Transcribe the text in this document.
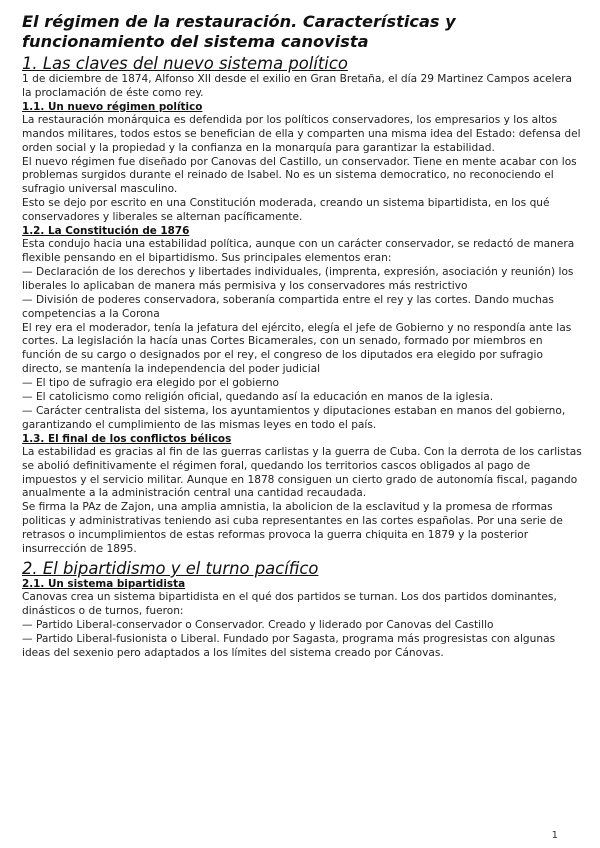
El régimen de la restauración. Características y funcionamiento del sistema canovista
1. Las claves del nuevo sistema político

1 de diciembre de 1874, Alfonso XII desde el exilio en Gran Bretaña, el día 29 Martinez Campos acelera la proclamación de éste como rey.

1.1. Un nuevo régimen político

La restauración monárquica es defendida por los políticos conservadores, los empresarios y los altos mandos militares, todos estos se benefician de ella y comparten una misma idea del Estado: defensa del orden social y la propiedad y la confianza en la monarquía para garantizar la estabilidad.

El nuevo régimen fue diseñado por Canovas del Castillo, un conservador. Tiene en mente acabar con los problemas surgidos durante el reinado de Isabel. No es un sistema democratico, no reconociendo el sufragio universal masculino.

Esto se dejo por escrito en una Constitución moderada, creando un sistema bipartidista, en los qué conservadores y liberales se alternan pacíficamente.

1.2. La Constitución de 1876

Esta condujo hacia una estabilidad política, aunque con un carácter conservador, se redactó de manera flexible pensando en el bipartidismo. Sus principales elementos eran:

— Declaración de los derechos y libertades individuales, (imprenta, expresión, asociación y reunión) los liberales lo aplicaban de manera más permisiva y los conservadores más restrictivo

— División de poderes conservadora, soberanía compartida entre el rey y las cortes. Dando muchas competencias a la Corona

El rey era el moderador, tenía la jefatura del ejército, elegía el jefe de Gobierno y no respondía ante las cortes. La legislación la hacía unas Cortes Bicamerales, con un senado, formado por miembros en función de su cargo o designados por el rey, el congreso de los diputados era elegido por sufragio directo, se mantenía la independencia del poder judicial

— El tipo de sufragio era elegido por el gobierno

— El catolicismo como religión oficial, quedando así la educación en manos de la iglesia.

— Carácter centralista del sistema, los ayuntamientos y diputaciones estaban en manos del gobierno, garantizando el cumplimiento de las mismas leyes en todo el país.

1.3. El final de los conflictos bélicos

La estabilidad es gracias al fin de las guerras carlistas y la guerra de Cuba. Con la derrota de los carlistas se abolió definitivamente el régimen foral, quedando los territorios cascos obligados al pago de impuestos y el servicio militar. Aunque en 1878 consiguen un cierto grado de autonomía fiscal, pagando anualmente a la administración central una cantidad recaudada.

Se firma la PAz de Zajon, una amplia amnistia, la abolicion de la esclavitud y la promesa de rformas politicas y administrativas teniendo asi cuba representantes en las cortes españolas. Por una serie de retrasos o incumplimientos de estas reformas provoca la guerra chiquita en 1879 y la posterior insurrección de 1895.

2. El bipartidismo y el turno pacífico
2.1. Un sistema bipartidista

Canovas crea un sistema bipartidista en el qué dos partidos se turnan. Los dos partidos dominantes, dinásticos o de turnos, fueron:

— Partido Liberal-conservador o Conservador. Creado y liderado por Canovas del Castillo

— Partido Liberal-fusionista o Liberal. Fundado por Sagasta, programa más progresistas con algunas ideas del sexenio pero adaptados a los límites del sistema creado por Cánovas.

1
